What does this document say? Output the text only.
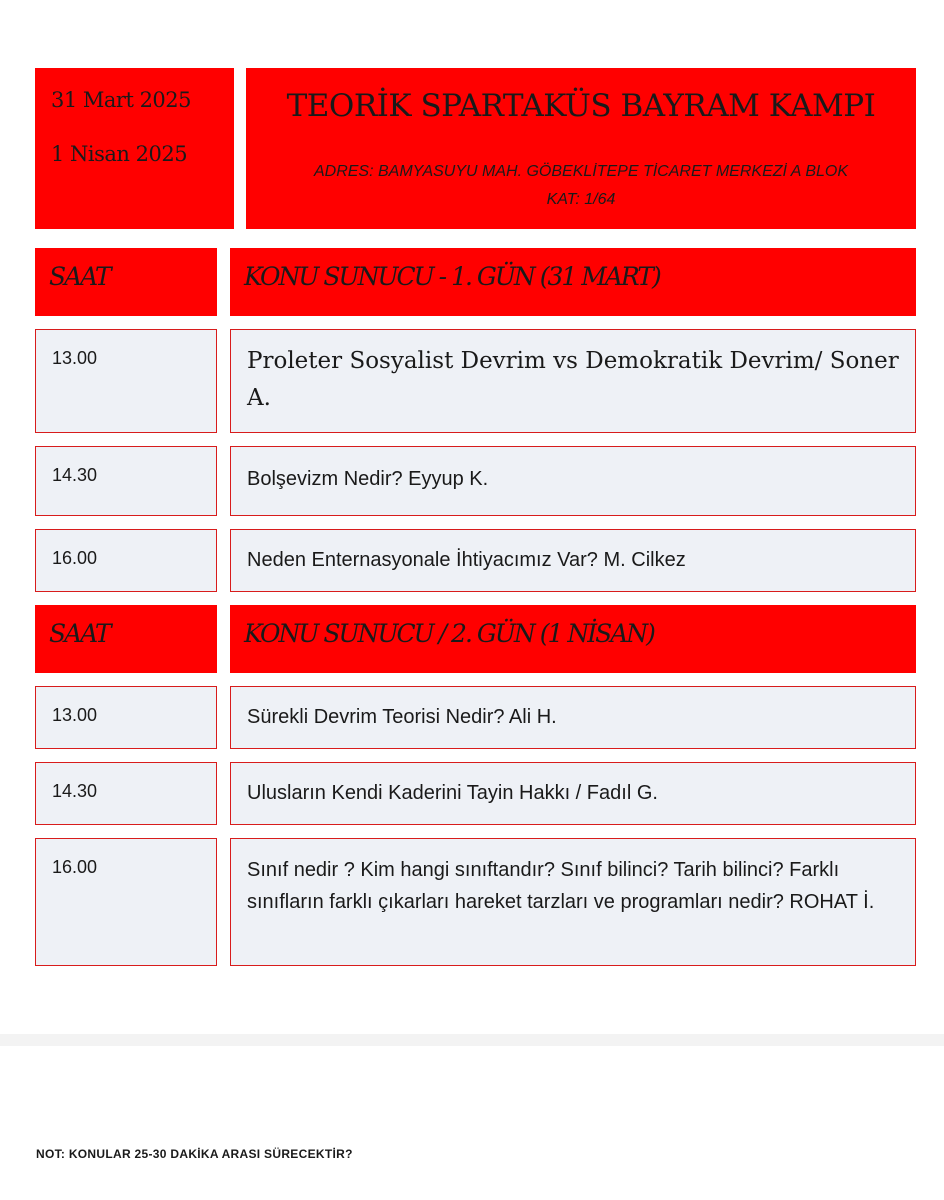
31 Mart 2025
1 Nisan 2025
TEORİK SPARTAKÜS BAYRAM KAMPI
ADRES: BAMYASUYU MAH. GÖBEKLİTEPE TİCARET MERKEZİ A BLOK
KAT: 1/64
SAAT	KONU SUNUCU - 1. GÜN (31 MART)
13.00	Proleter Sosyalist Devrim vs Demokratik Devrim/ Soner A.
14.30	Bolşevizm Nedir? Eyyup K.
16.00	Neden Enternasyonale İhtiyacımız Var? M. Cilkez
SAAT	KONU SUNUCU / 2. GÜN (1 NİSAN)
13.00	Sürekli Devrim Teorisi Nedir? Ali H.
14.30	Ulusların Kendi Kaderini Tayin Hakkı / Fadıl G.
16.00	Sınıf nedir ? Kim hangi sınıftandır? Sınıf bilinci? Tarih bilinci? Farklı sınıfların farklı çıkarları hareket tarzları ve programları nedir? ROHAT İ.
NOT: KONULAR 25-30 DAKİKA ARASI SÜRECEKTİR?
